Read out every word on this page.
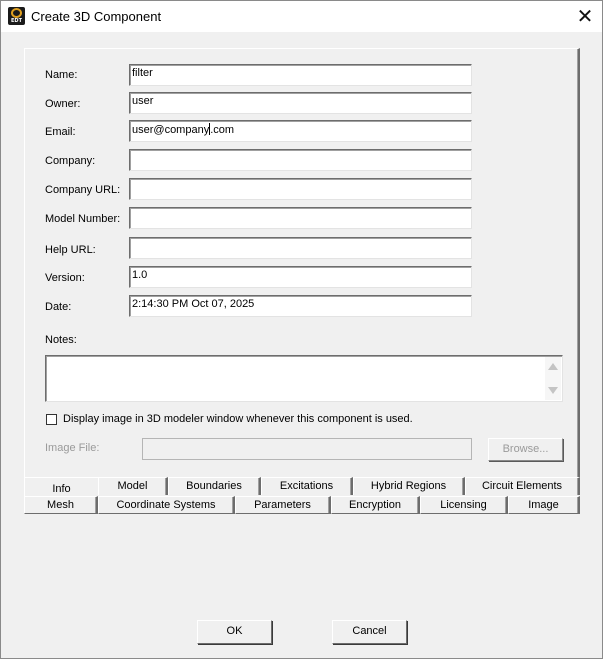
EDT Create 3D Component	✕
Name:	filter
Owner:	user
Email:	user@company.com
Company:
Company URL:
Model Number:
Help URL:
Version:	1.0
Date:	2:14:30 PM Oct 07, 2025
Notes:
Display image in 3D modeler window whenever this component is used.
Image File:	Browse...
Info	Model	Boundaries	Excitations	Hybrid Regions	Circuit Elements
Mesh	Coordinate Systems	Parameters	Encryption	Licensing	Image
OK	Cancel
